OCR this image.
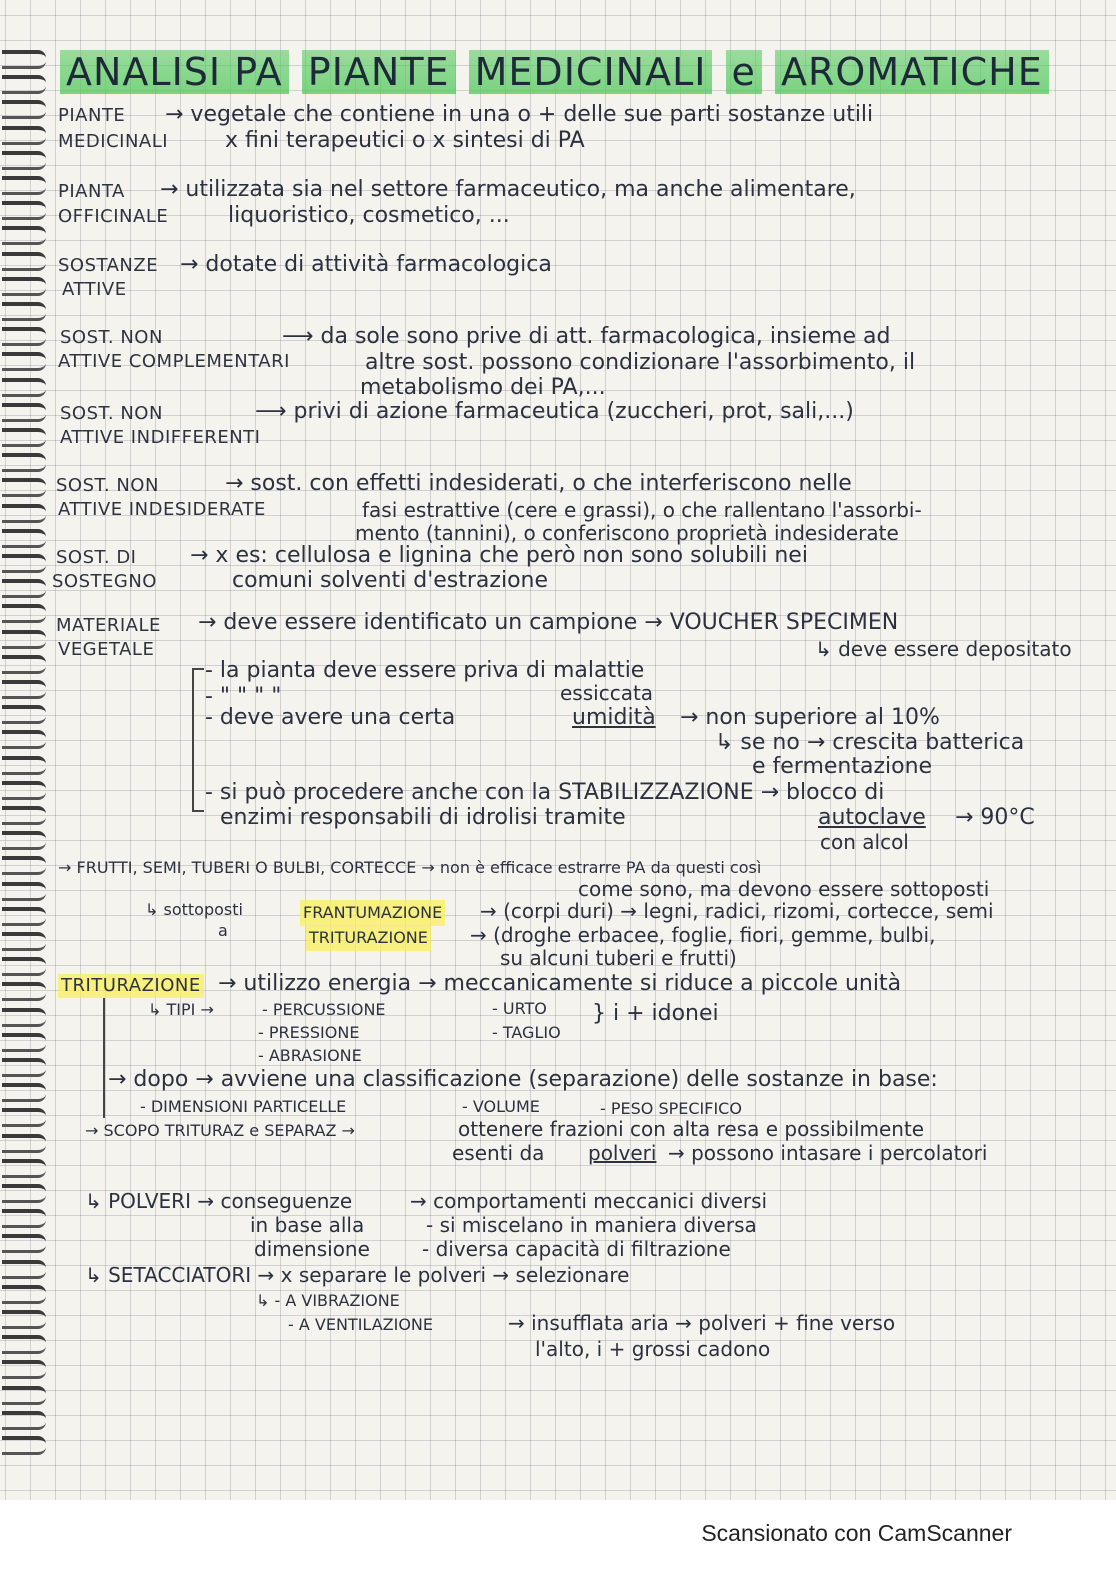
ANALISI PA PIANTE MEDICINALI e AROMATICHE
PIANTE
MEDICINALI
→ vegetale che contiene in una o + delle sue parti sostanze utili
x fini terapeutici o x sintesi di PA
PIANTA
OFFICINALE
→ utilizzata sia nel settore farmaceutico, ma anche alimentare,
liquoristico, cosmetico, ...
SOSTANZE
ATTIVE
→ dotate di attività farmacologica
SOST. NON
ATTIVE COMPLEMENTARI
⟶ da sole sono prive di att. farmacologica, insieme ad
altre sost. possono condizionare l'assorbimento, il
metabolismo dei PA,...
SOST. NON
ATTIVE INDIFFERENTI
⟶ privi di azione farmaceutica (zuccheri, prot, sali,...)
SOST. NON
ATTIVE INDESIDERATE
→ sost. con effetti indesiderati, o che interferiscono nelle
fasi estrattive (cere e grassi), o che rallentano l'assorbi-
mento (tannini), o conferiscono proprietà indesiderate
SOST. DI
SOSTEGNO
→ x es: cellulosa e lignina che però non sono solubili nei
comuni solventi d'estrazione
MATERIALE
VEGETALE
→ deve essere identificato un campione → VOUCHER SPECIMEN
↳ deve essere depositato
- la pianta deve essere priva di malattie
- " " " "	essiccata
- deve avere una certa	umidità → non superiore al 10%
↳ se no → crescita batterica
e fermentazione
- si può procedere anche con la STABILIZZAZIONE → blocco di
enzimi responsabili di idrolisi tramite	autoclave → 90°C
con alcol
→ FRUTTI, SEMI, TUBERI O BULBI, CORTECCE → non è efficace estrarre PA da questi così
come sono, ma devono essere sottoposti
↳ sottoposti
a
FRANTUMAZIONE → (corpi duri) → legni, radici, rizomi, cortecce, semi
TRITURAZIONE → (droghe erbacee, foglie, fiori, gemme, bulbi,
su alcuni tuberi e frutti)
TRITURAZIONE → utilizzo energia → meccanicamente si riduce a piccole unità
↳ TIPI →	- PERCUSSIONE
- PRESSIONE
- ABRASIONE
- URTO
- TAGLIO
} i + idonei
→ dopo → avviene una classificazione (separazione) delle sostanze in base:
- DIMENSIONI PARTICELLE	- VOLUME	- PESO SPECIFICO
→ SCOPO TRITURAZ e SEPARAZ →	ottenere frazioni con alta resa e possibilmente
esenti da polveri → possono intasare i percolatori
↳ POLVERI → conseguenze	→ comportamenti meccanici diversi
in base alla
dimensione
- si miscelano in maniera diversa
- diversa capacità di filtrazione
↳ SETACCIATORI → x separare le polveri → selezionare
↳ - A VIBRAZIONE
- A VENTILAZIONE	→ insufflata aria → polveri + fine verso
l'alto, i + grossi cadono
Scansionato con CamScanner
